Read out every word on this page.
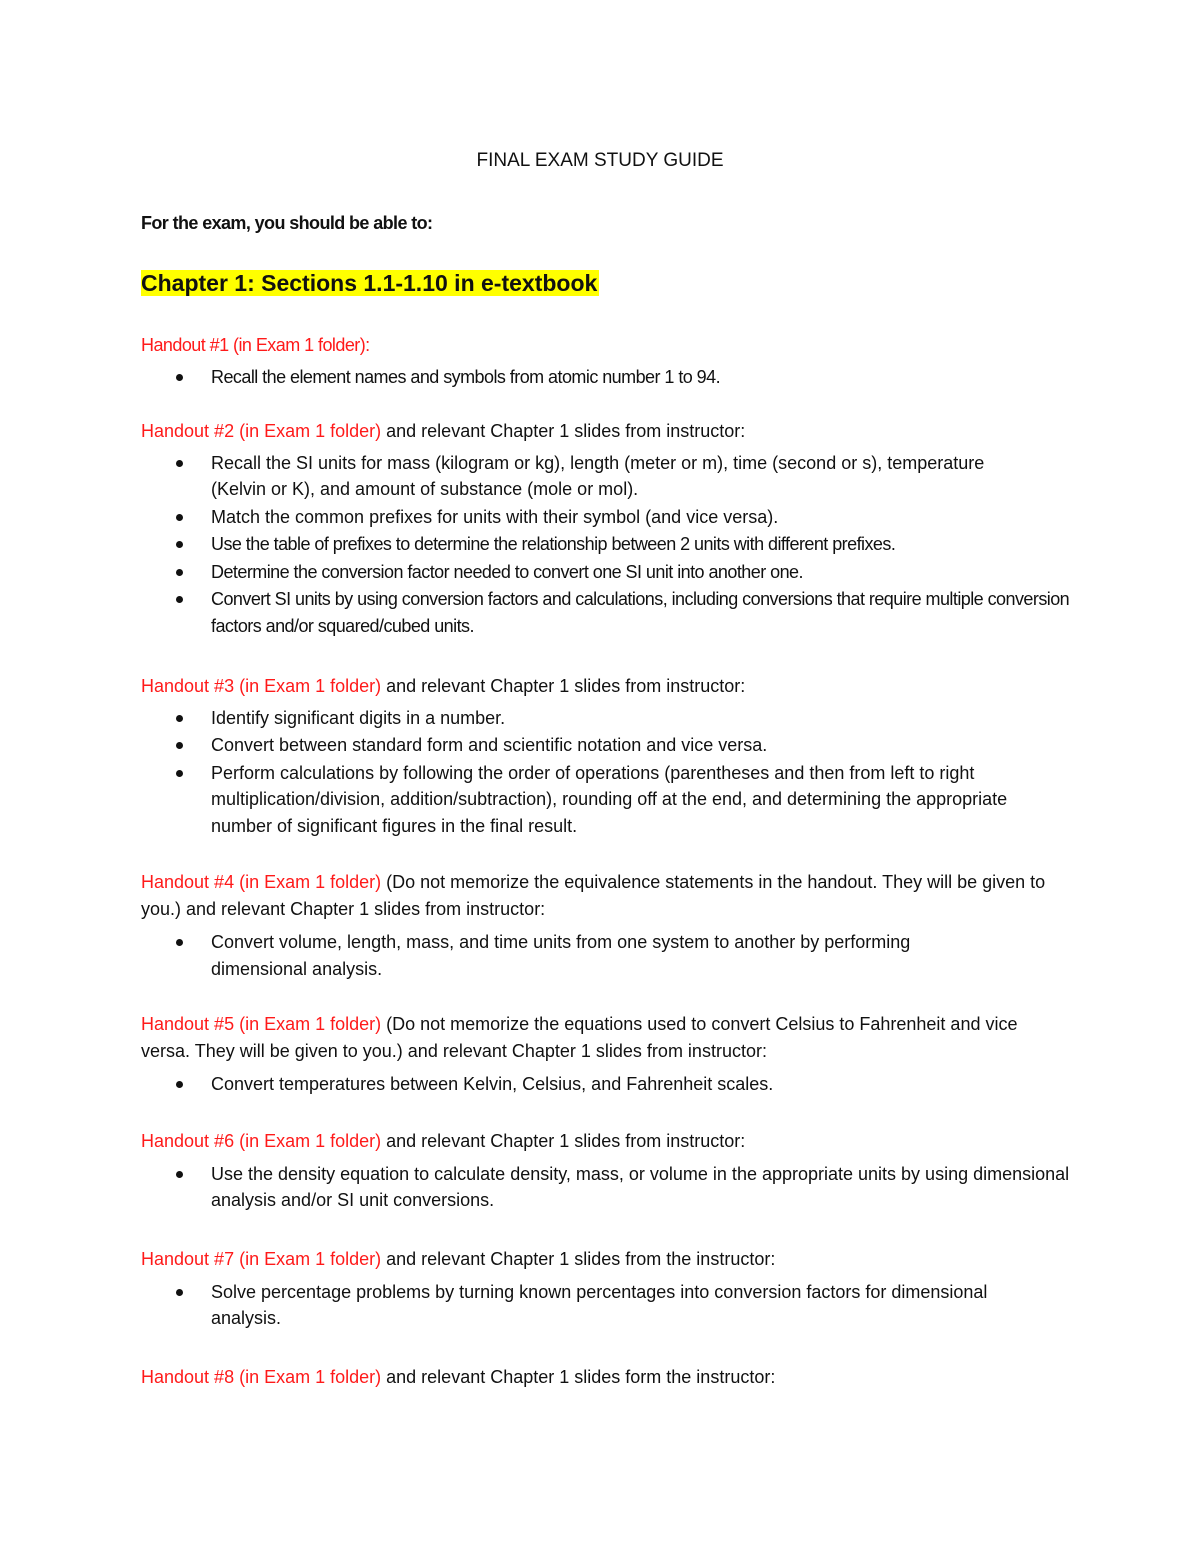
FINAL EXAM STUDY GUIDE
For the exam, you should be able to:
Chapter 1: Sections 1.1-1.10 in e-textbook
Handout #1 (in Exam 1 folder):
Recall the element names and symbols from atomic number 1 to 94.
Handout #2 (in Exam 1 folder) and relevant Chapter 1 slides from instructor:
Recall the SI units for mass (kilogram or kg), length (meter or m), time (second or s), temperature (Kelvin or K), and amount of substance (mole or mol).
Match the common prefixes for units with their symbol (and vice versa).
Use the table of prefixes to determine the relationship between 2 units with different prefixes.
Determine the conversion factor needed to convert one SI unit into another one.
Convert SI units by using conversion factors and calculations, including conversions that require multiple conversion factors and/or squared/cubed units.
Handout #3 (in Exam 1 folder) and relevant Chapter 1 slides from instructor:
Identify significant digits in a number.
Convert between standard form and scientific notation and vice versa.
Perform calculations by following the order of operations (parentheses and then from left to right multiplication/division, addition/subtraction), rounding off at the end, and determining the appropriate number of significant figures in the final result.
Handout #4 (in Exam 1 folder) (Do not memorize the equivalence statements in the handout. They will be given to you.) and relevant Chapter 1 slides from instructor:
Convert volume, length, mass, and time units from one system to another by performing dimensional analysis.
Handout #5 (in Exam 1 folder) (Do not memorize the equations used to convert Celsius to Fahrenheit and vice versa. They will be given to you.) and relevant Chapter 1 slides from instructor:
Convert temperatures between Kelvin, Celsius, and Fahrenheit scales.
Handout #6 (in Exam 1 folder) and relevant Chapter 1 slides from instructor:
Use the density equation to calculate density, mass, or volume in the appropriate units by using dimensional analysis and/or SI unit conversions.
Handout #7 (in Exam 1 folder) and relevant Chapter 1 slides from the instructor:
Solve percentage problems by turning known percentages into conversion factors for dimensional analysis.
Handout #8 (in Exam 1 folder) and relevant Chapter 1 slides form the instructor:
